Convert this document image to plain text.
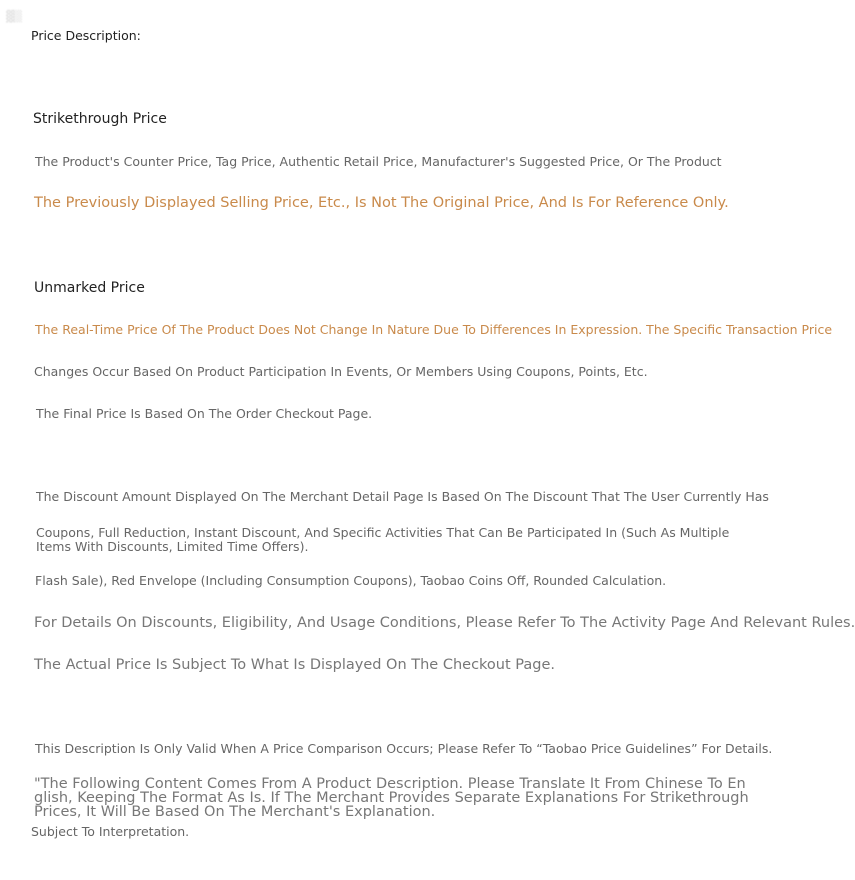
▓▒
Price Description:
Strikethrough Price
The Product's Counter Price, Tag Price, Authentic Retail Price, Manufacturer's Suggested Price, Or The Product
The Previously Displayed Selling Price, Etc., Is Not The Original Price, And Is For Reference Only.
Unmarked Price
The Real-Time Price Of The Product Does Not Change In Nature Due To Differences In Expression. The Specific Transaction Price
Changes Occur Based On Product Participation In Events, Or Members Using Coupons, Points, Etc.
The Final Price Is Based On The Order Checkout Page.
The Discount Amount Displayed On The Merchant Detail Page Is Based On The Discount That The User Currently Has
Coupons, Full Reduction, Instant Discount, And Specific Activities That Can Be Participated In (Such As Multiple Items With Discounts, Limited Time Offers).
Flash Sale), Red Envelope (Including Consumption Coupons), Taobao Coins Off, Rounded Calculation.
For Details On Discounts, Eligibility, And Usage Conditions, Please Refer To The Activity Page And Relevant Rules.
The Actual Price Is Subject To What Is Displayed On The Checkout Page.
This Description Is Only Valid When A Price Comparison Occurs; Please Refer To “Taobao Price Guidelines” For Details.
"The Following Content Comes From A Product Description. Please Translate It From Chinese To English, Keeping The Format As Is. If The Merchant Provides Separate Explanations For Strikethrough Prices, It Will Be Based On The Merchant's Explanation.
Subject To Interpretation.
